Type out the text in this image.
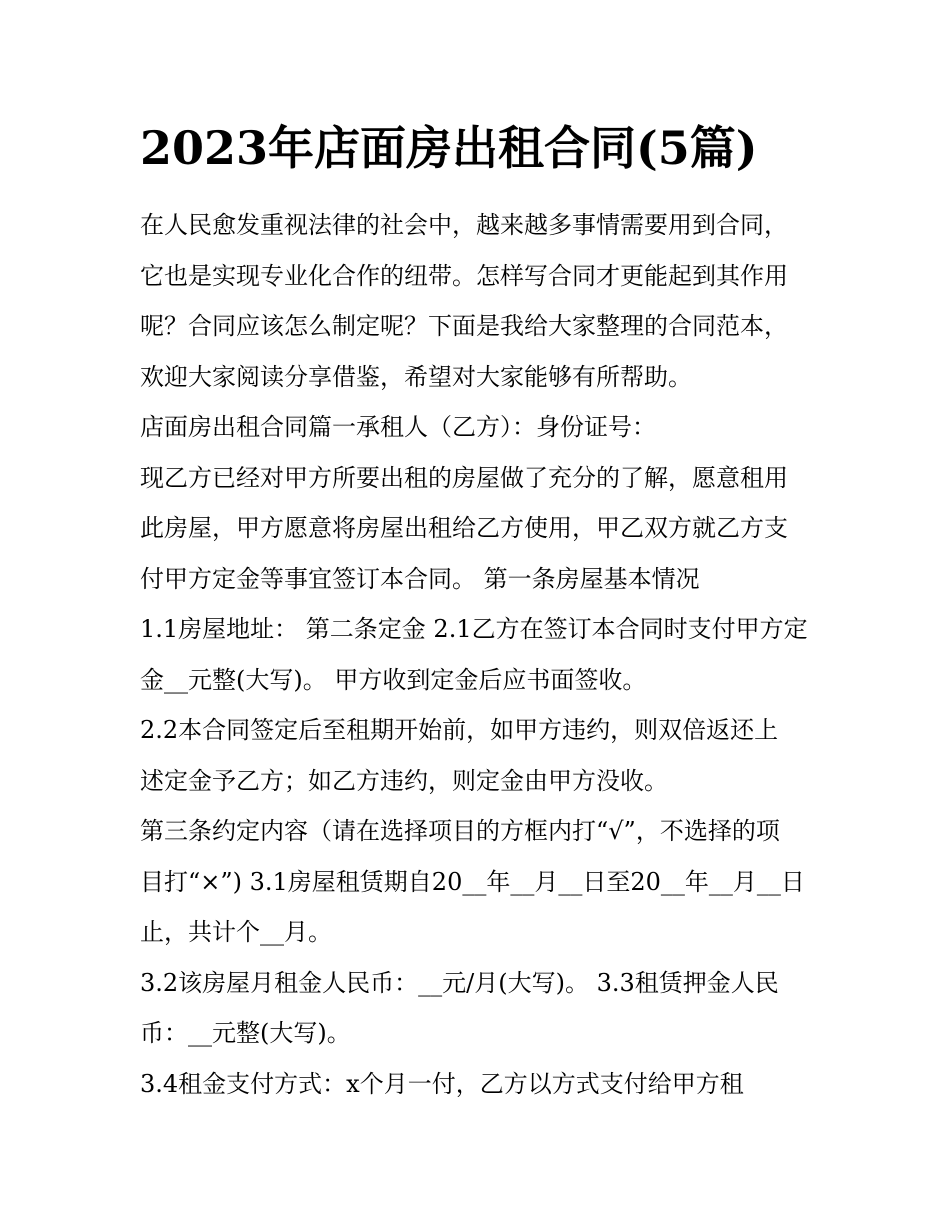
2023年店面房出租合同(5篇)
在人民愈发重视法律的社会中，越来越多事情需要用到合同，
它也是实现专业化合作的纽带。怎样写合同才更能起到其作用
呢？合同应该怎么制定呢？下面是我给大家整理的合同范本，
欢迎大家阅读分享借鉴，希望对大家能够有所帮助。
店面房出租合同篇一承租人（乙方）：身份证号：
现乙方已经对甲方所要出租的房屋做了充分的了解，愿意租用
此房屋，甲方愿意将房屋出租给乙方使用，甲乙双方就乙方支
付甲方定金等事宜签订本合同。 第一条房屋基本情况
1.1房屋地址： 第二条定金 2.1乙方在签订本合同时支付甲方定
金__元整(大写)。 甲方收到定金后应书面签收。
2.2本合同签定后至租期开始前，如甲方违约，则双倍返还上
述定金予乙方；如乙方违约，则定金由甲方没收。
第三条约定内容（请在选择项目的方框内打“√”，不选择的项
目打“×”) 3.1房屋租赁期自20__年__月__日至20__年__月__日
止，共计个__月。
3.2该房屋月租金人民币：__元/月(大写)。 3.3租赁押金人民
币：__元整(大写)。
3.4租金支付方式：x个月一付，乙方以方式支付给甲方租
